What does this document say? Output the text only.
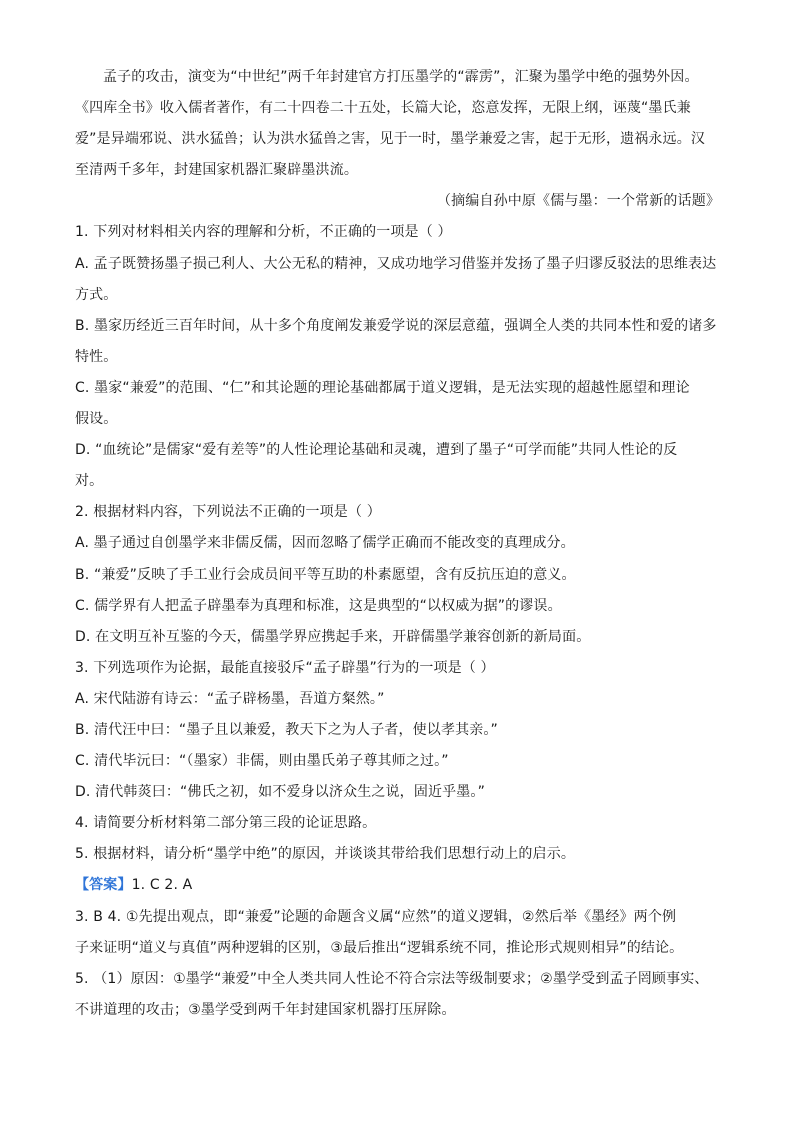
孟子的攻击，演变为“中世纪”两千年封建官方打压墨学的“霹雳”，汇聚为墨学中绝的强势外因。
《四库全书》收入儒者著作，有二十四卷二十五处，长篇大论，恣意发挥，无限上纲，诬蔑“墨氏兼
爱”是异端邪说、洪水猛兽；认为洪水猛兽之害，见于一时，墨学兼爱之害，起于无形，遗祸永远。汉
至清两千多年，封建国家机器汇聚辟墨洪流。
（摘编自孙中原《儒与墨：一个常新的话题》
1. 下列对材料相关内容的理解和分析，不正确的一项是（ ）
A. 孟子既赞扬墨子损己利人、大公无私的精神，又成功地学习借鉴并发扬了墨子归谬反驳法的思维表达
方式。
B. 墨家历经近三百年时间，从十多个角度阐发兼爱学说的深层意蕴，强调全人类的共同本性和爱的诸多
特性。
C. 墨家“兼爱”的范围、“仁”和其论题的理论基础都属于道义逻辑，是无法实现的超越性愿望和理论
假设。
D. “血统论”是儒家“爱有差等”的人性论理论基础和灵魂，遭到了墨子“可学而能”共同人性论的反
对。
2. 根据材料内容，下列说法不正确的一项是（ ）
A. 墨子通过自创墨学来非儒反儒，因而忽略了儒学正确而不能改变的真理成分。
B. “兼爱”反映了手工业行会成员间平等互助的朴素愿望，含有反抗压迫的意义。
C. 儒学界有人把孟子辟墨奉为真理和标准，这是典型的“以权威为据”的谬误。
D. 在文明互补互鉴的今天，儒墨学界应携起手来，开辟儒墨学兼容创新的新局面。
3. 下列选项作为论据，最能直接驳斥“孟子辟墨”行为的一项是（ ）
A. 宋代陆游有诗云：“孟子辟杨墨，吾道方粲然。”
B. 清代汪中曰：“墨子且以兼爱，教天下之为人子者，使以孝其亲。”
C. 清代毕沅曰：“（墨家）非儒，则由墨氏弟子尊其师之过。”
D. 清代韩菼曰：“佛氏之初，如不爱身以济众生之说，固近乎墨。”
4. 请简要分析材料第二部分第三段的论证思路。
5. 根据材料，请分析“墨学中绝”的原因，并谈谈其带给我们思想行动上的启示。
【答案】1. C 2. A
3. B 4. ①先提出观点，即“兼爱”论题的命题含义属“应然”的道义逻辑，②然后举《墨经》两个例
子来证明“道义与真值”两种逻辑的区别，③最后推出“逻辑系统不同，推论形式规则相异”的结论。
5. （1）原因：①墨学“兼爱”中全人类共同人性论不符合宗法等级制要求；②墨学受到孟子罔顾事实、
不讲道理的攻击；③墨学受到两千年封建国家机器打压屏除。
